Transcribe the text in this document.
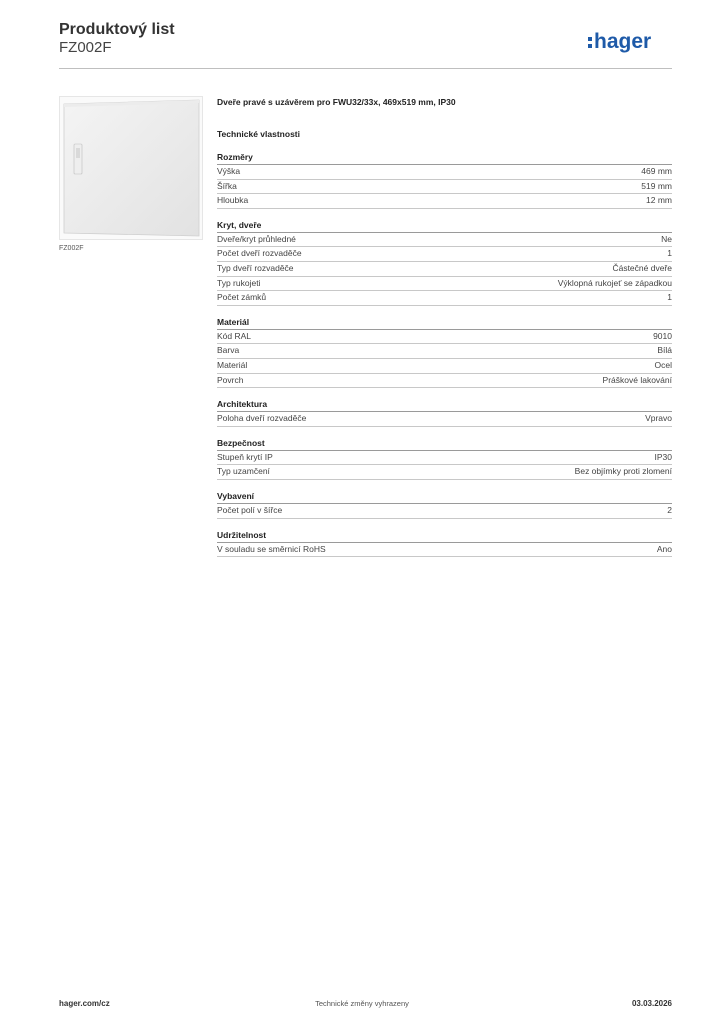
Produktový list
FZ002F	hager
FZ002F
Dveře pravé s uzávěrem pro FWU32/33x, 469x519 mm, IP30
Technické vlastnosti
Rozměry
Výška	469 mm
Šířka	519 mm
Hloubka	12 mm
Kryt, dveře
Dveře/kryt průhledné	Ne
Počet dveří rozvaděče	1
Typ dveří rozvaděče	Částečné dveře
Typ rukojeti	Výklopná rukojeť se západkou
Počet zámků	1
Materiál
Kód RAL	9010
Barva	Bílá
Materiál	Ocel
Povrch	Práškové lakování
Architektura
Poloha dveří rozvaděče	Vpravo
Bezpečnost
Stupeň krytí IP	IP30
Typ uzamčení	Bez objímky proti zlomení
Vybavení
Počet polí v šířce	2
Udržitelnost
V souladu se směrnicí RoHS	Ano
hager.com/cz	Technické změny vyhrazeny	03.03.2026
